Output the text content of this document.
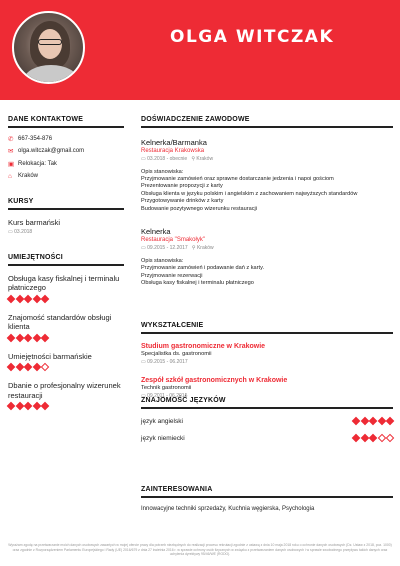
OLGA WITCZAK
DANE KONTAKTOWE
✆ 667-354-876
✉ olga.witczak@gmail.com
▣ Relokacja: Tak
⌂	Kraków
KURSY
Kurs barmański
▭ 03.2018
UMIEJĘTNOŚCI
Obsługa kasy fiskalnej i terminalu płatniczego
Znajomość standardów obsługi klienta
Umiejętności barmańskie
Dbanie o profesjonalny wizerunek restauracji
DOŚWIADCZENIE ZAWODOWE
Kelnerka/Barmanka
Restauracja Krakowska
▭ 03.2018 - obecnie ⚲ Kraków
Opis stanowiska:
Przyjmowanie zamówień oraz sprawne dostarczanie jedzenia i napoi gościom
Prezentowanie propozycji z karty
Obsługa klienta w języku polskim i angielskim z zachowaniem najwyższych standardów
Przygotowywanie drinków z karty
Budowanie pozytywnego wizerunku restauracji
Kelnerka
Restauracja "Smakołyk"
▭ 09.2015 - 12.2017 ⚲ Kraków
Opis stanowiska:
Przyjmowanie zamówień i podawanie dań z karty.
Przyjmowanie rezerwacji
Obsługa kasy fiskalnej i terminalu płatniczego
WYKSZTAŁCENIE
Studium gastronomiczne w Krakowie
Specjalistka ds. gastronomii
▭ 09.2015 - 06.2017
Zespół szkół gastronomicznych w Krakowie
Technik gastronomii
▭ 09.2011 - 06.2015
ZNAJOMOŚĆ JĘZYKÓW
język angielski
język niemiecki
ZAINTERESOWANIA
Innowacyjne techniki sprzedaży, Kuchnia węgierska, Psychologia
Wyrażam zgodę na przetwarzanie moich danych osobowych zawartych w mojej ofercie pracy dla potrzeb niezbędnych do realizacji procesu rekrutacji zgodnie z ustawą z dnia 10 maja 2018 roku o ochronie danych osobowych (Dz. Ustaw z 2018, poz. 1000) oraz zgodnie z Rozporządzeniem Parlamentu Europejskiego i Rady (UE) 2016/679 z dnia 27 kwietnia 2016 r. w sprawie ochrony osób fizycznych w związku z przetwarzaniem danych osobowych i w sprawie swobodnego przepływu takich danych oraz uchylenia dyrektywy 95/46/WE (RODO).
